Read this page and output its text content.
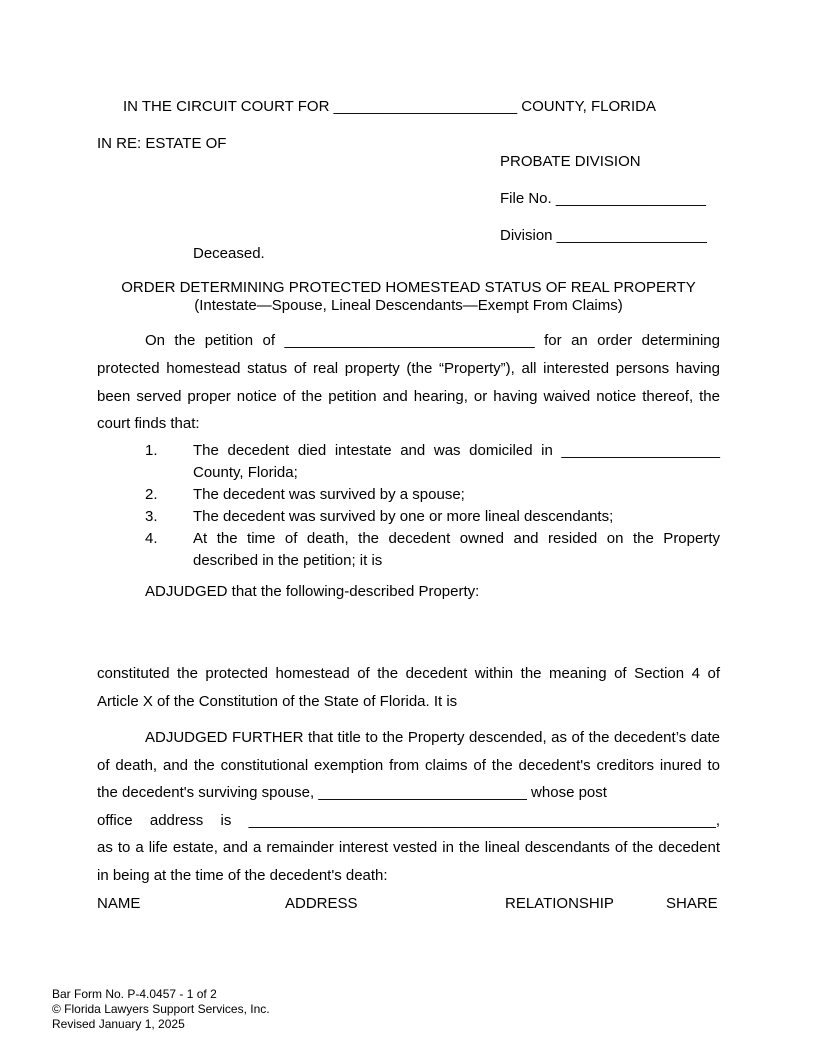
IN THE CIRCUIT COURT FOR ______________________ COUNTY, FLORIDA
IN RE: ESTATE OF
PROBATE DIVISION
File No. __________________
Division __________________
Deceased.
ORDER DETERMINING PROTECTED HOMESTEAD STATUS OF REAL PROPERTY
(Intestate—Spouse, Lineal Descendants—Exempt From Claims)
On the petition of ______________________________ for an order determining
protected homestead status of real property (the “Property”), all interested persons having been served proper notice of the petition and hearing, or having waived notice thereof, the court finds that:
1. The decedent died intestate and was domiciled in ___________________ County, Florida;
2. The decedent was survived by a spouse;
3. The decedent was survived by one or more lineal descendants;
4. At the time of death, the decedent owned and resided on the Property described in the petition; it is
ADJUDGED that the following-described Property:
constituted the protected homestead of the decedent within the meaning of Section 4 of Article X of the Constitution of the State of Florida. It is
ADJUDGED FURTHER that title to the Property descended, as of the decedent’s date of death, and the constitutional exemption from claims of the decedent's creditors inured to the decedent's surviving spouse, _________________________ whose post
office address is ________________________________________________________,
as to a life estate, and a remainder interest vested in the lineal descendants of the decedent in being at the time of the decedent's death:
NAME	ADDRESS	RELATIONSHIP	SHARE
Bar Form No. P-4.0457 - 1 of 2
© Florida Lawyers Support Services, Inc.
Revised January 1, 2025
